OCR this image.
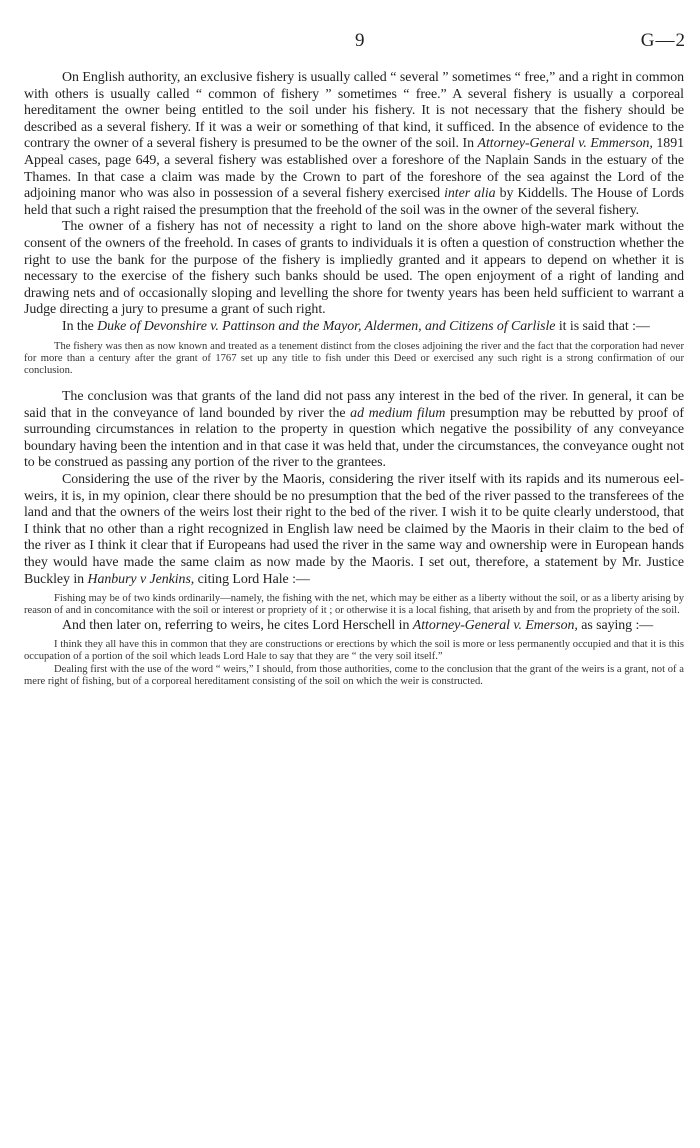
9	G—2

On English authority, an exclusive fishery is usually called “ several ” sometimes “ free,” and a right in common with others is usually called “ common of fishery ” sometimes “ free.” A several fishery is usually a corporeal hereditament the owner being entitled to the soil under his fishery. It is not necessary that the fishery should be described as a several fishery. If it was a weir or something of that kind, it sufficed. In the absence of evidence to the contrary the owner of a several fishery is presumed to be the owner of the soil. In Attorney-General v. Emmerson, 1891 Appeal cases, page 649, a several fishery was established over a foreshore of the Naplain Sands in the estuary of the Thames. In that case a claim was made by the Crown to part of the foreshore of the sea against the Lord of the adjoining manor who was also in possession of a several fishery exercised inter alia by Kiddells. The House of Lords held that such a right raised the presumption that the freehold of the soil was in the owner of the several fishery.

The owner of a fishery has not of necessity a right to land on the shore above high-water mark without the consent of the owners of the freehold. In cases of grants to individuals it is often a question of construction whether the right to use the bank for the purpose of the fishery is impliedly granted and it appears to depend on whether it is necessary to the exercise of the fishery such banks should be used. The open enjoyment of a right of landing and drawing nets and of occasionally sloping and levelling the shore for twenty years has been held sufficient to warrant a Judge directing a jury to presume a grant of such right.

In the Duke of Devonshire v. Pattinson and the Mayor, Aldermen, and Citizens of Carlisle it is said that :—

The fishery was then as now known and treated as a tenement distinct from the closes adjoining the river and the fact that the corporation had never for more than a century after the grant of 1767 set up any title to fish under this Deed or exercised any such right is a strong confirmation of our conclusion.

The conclusion was that grants of the land did not pass any interest in the bed of the river. In general, it can be said that in the conveyance of land bounded by river the ad medium filum presumption may be rebutted by proof of surrounding circumstances in relation to the property in question which negative the possibility of any conveyance boundary having been the intention and in that case it was held that, under the circumstances, the conveyance ought not to be construed as passing any portion of the river to the grantees.

Considering the use of the river by the Maoris, considering the river itself with its rapids and its numerous eel-weirs, it is, in my opinion, clear there should be no presumption that the bed of the river passed to the transferees of the land and that the owners of the weirs lost their right to the bed of the river. I wish it to be quite clearly understood, that I think that no other than a right recognized in English law need be claimed by the Maoris in their claim to the bed of the river as I think it clear that if Europeans had used the river in the same way and ownership were in European hands they would have made the same claim as now made by the Maoris. I set out, therefore, a statement by Mr. Justice Buckley in Hanbury v Jenkins, citing Lord Hale :—

Fishing may be of two kinds ordinarily—namely, the fishing with the net, which may be either as a liberty without the soil, or as a liberty arising by reason of and in concomitance with the soil or interest or propriety of it ; or otherwise it is a local fishing, that ariseth by and from the propriety of the soil.

And then later on, referring to weirs, he cites Lord Herschell in Attorney-General v. Emerson, as saying :—

I think they all have this in common that they are constructions or erections by which the soil is more or less permanently occupied and that it is this occupation of a portion of the soil which leads Lord Hale to say that they are “ the very soil itself.”

Dealing first with the use of the word “ weirs,” I should, from those authorities, come to the conclusion that the grant of the weirs is a grant, not of a mere right of fishing, but of a corporeal hereditament consisting of the soil on which the weir is constructed.
